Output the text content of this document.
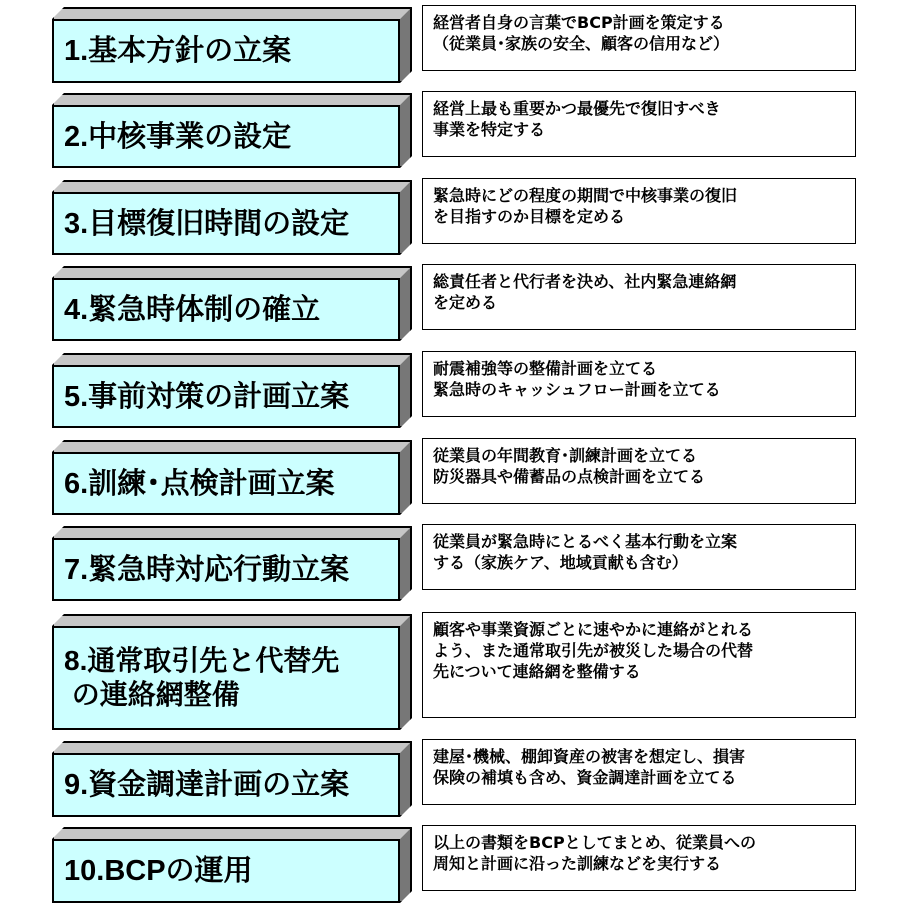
1.基本方針の立案
経営者自身の言葉でBCP計画を策定する
（従業員･家族の安全、顧客の信用など）
2.中核事業の設定
経営上最も重要かつ最優先で復旧すべき
事業を特定する
3.目標復旧時間の設定
緊急時にどの程度の期間で中核事業の復旧
を目指すのか目標を定める
4.緊急時体制の確立
総責任者と代行者を決め、社内緊急連絡網
を定める
5.事前対策の計画立案
耐震補強等の整備計画を立てる
緊急時のキャッシュフロー計画を立てる
6.訓練･点検計画立案
従業員の年間教育･訓練計画を立てる
防災器具や備蓄品の点検計画を立てる
7.緊急時対応行動立案
従業員が緊急時にとるべく基本行動を立案
する（家族ケア、地域貢献も含む）
8.通常取引先と代替先
の連絡網整備
顧客や事業資源ごとに速やかに連絡がとれる
よう、また通常取引先が被災した場合の代替
先について連絡網を整備する
9.資金調達計画の立案
建屋･機械、棚卸資産の被害を想定し、損害
保険の補填も含め、資金調達計画を立てる
10.BCPの運用
以上の書類をBCPとしてまとめ、従業員への
周知と計画に沿った訓練などを実行する
